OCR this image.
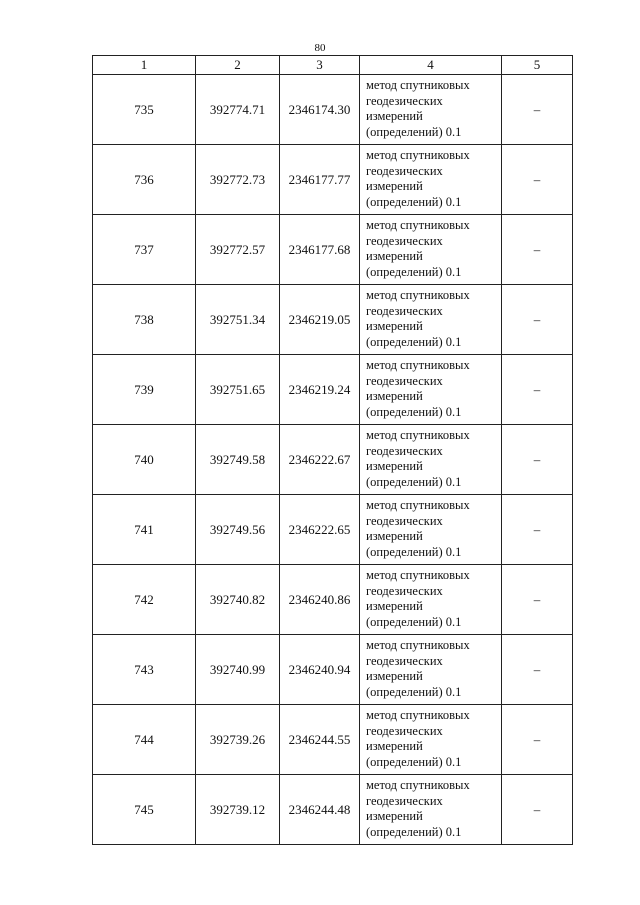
80
1	2	3	4	5
735	392774.71	2346174.30	метод спутниковых геодезических измерений (определений) 0.1	–
736	392772.73	2346177.77	метод спутниковых геодезических измерений (определений) 0.1	–
737	392772.57	2346177.68	метод спутниковых геодезических измерений (определений) 0.1	–
738	392751.34	2346219.05	метод спутниковых геодезических измерений (определений) 0.1	–
739	392751.65	2346219.24	метод спутниковых геодезических измерений (определений) 0.1	–
740	392749.58	2346222.67	метод спутниковых геодезических измерений (определений) 0.1	–
741	392749.56	2346222.65	метод спутниковых геодезических измерений (определений) 0.1	–
742	392740.82	2346240.86	метод спутниковых геодезических измерений (определений) 0.1	–
743	392740.99	2346240.94	метод спутниковых геодезических измерений (определений) 0.1	–
744	392739.26	2346244.55	метод спутниковых геодезических измерений (определений) 0.1	–
745	392739.12	2346244.48	метод спутниковых геодезических измерений (определений) 0.1	–
